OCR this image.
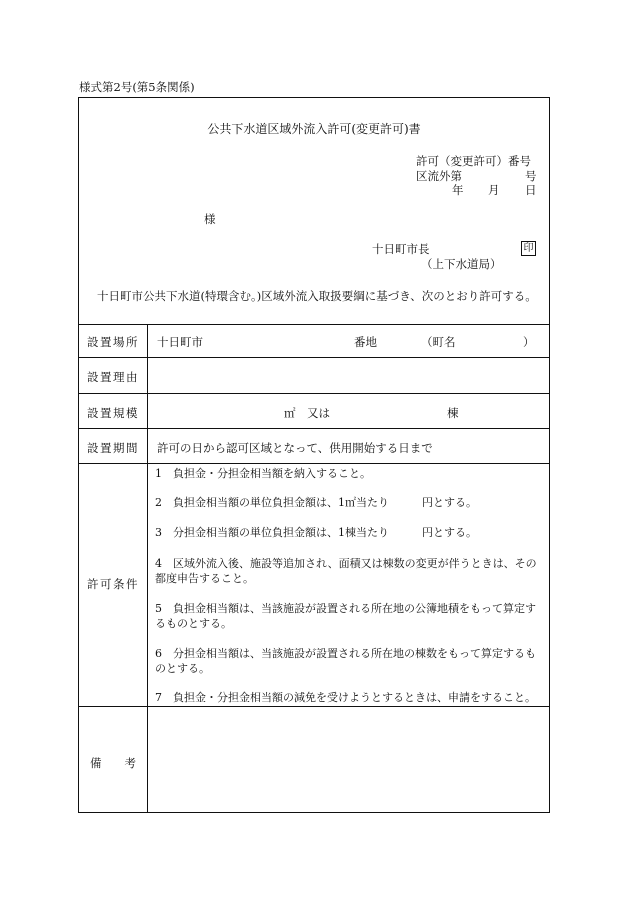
様式第2号(第5条関係)
公共下水道区域外流入許可(変更許可)書
許可（変更許可）番号
区流外第	号
年 月 日
様
十日町市長	印
（上下水道局）
十日町市公共下水道(特環含む。)区域外流入取扱要綱に基づき、次のとおり許可する。
設置場所	十日町市	番地	（町名	）
設置理由
設置規模	㎡　又は	棟
設置期間	許可の日から認可区域となって、供用開始する日まで
許可条件
1　負担金・分担金相当額を納入すること。
2　負担金相当額の単位負担金額は、1㎡当たり　　　円とする。
3　分担金相当額の単位負担金額は、1棟当たり　　　円とする。
4　区域外流入後、施設等追加され、面積又は棟数の変更が伴うときは、その都度申告すること。
5　負担金相当額は、当該施設が設置される所在地の公簿地積をもって算定するものとする。
6　分担金相当額は、当該施設が設置される所在地の棟数をもって算定するものとする。
7　負担金・分担金相当額の減免を受けようとするときは、申請をすること。
備　　考
